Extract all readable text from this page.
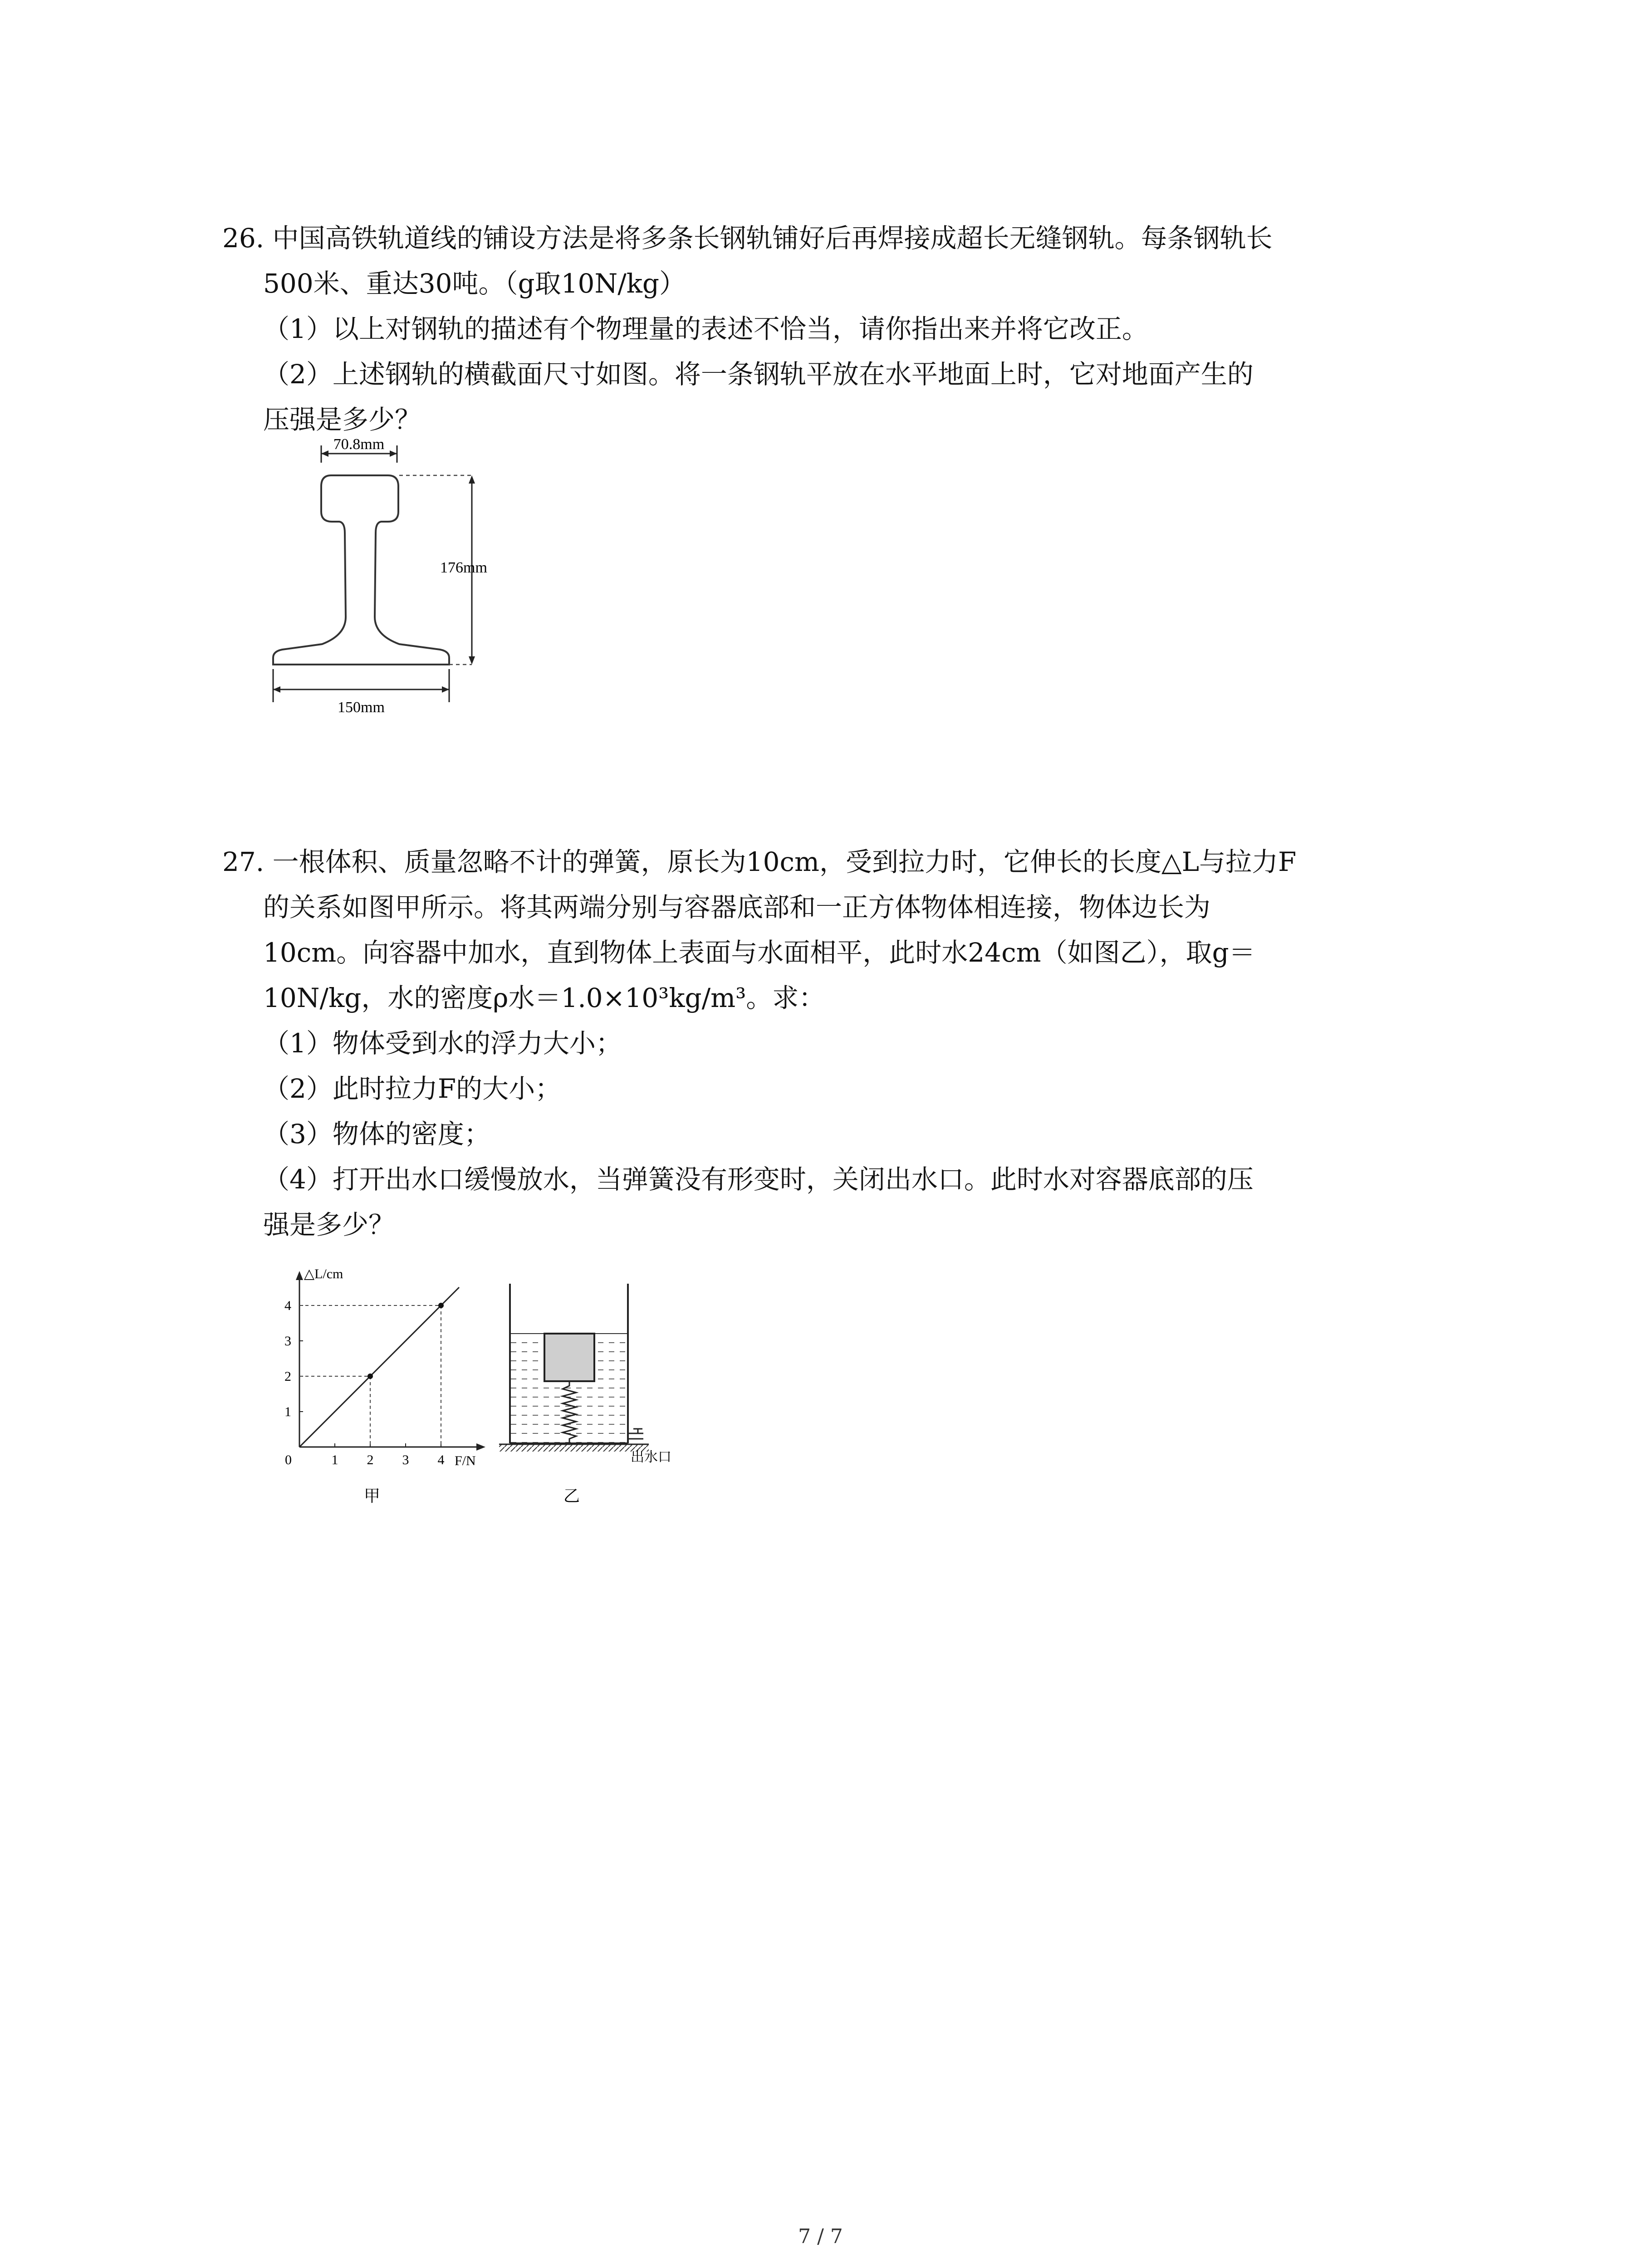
26. 中国高铁轨道线的铺设方法是将多条长钢轨铺好后再焊接成超长无缝钢轨。每条钢轨长
500米、重达30吨。（g取10N/kg）
（1）以上对钢轨的描述有个物理量的表述不恰当，请你指出来并将它改正。
（2）上述钢轨的横截面尺寸如图。将一条钢轨平放在水平地面上时，它对地面产生的
压强是多少？
70.8mm
176mm
150mm
27. 一根体积、质量忽略不计的弹簧，原长为10cm，受到拉力时，它伸长的长度△L与拉力F
的关系如图甲所示。将其两端分别与容器底部和一正方体物体相连接，物体边长为
10cm。向容器中加水，直到物体上表面与水面相平，此时水24cm（如图乙），取g＝
10N/kg，水的密度ρ水＝1.0×10³kg/m³。求：
（1）物体受到水的浮力大小；
（2）此时拉力F的大小；
（3）物体的密度；
（4）打开出水口缓慢放水，当弹簧没有形变时，关闭出水口。此时水对容器底部的压
强是多少？
△L/cm
F/N
0	1 2 3 4
1
2
3
4
甲
出水口
乙
7 / 7
